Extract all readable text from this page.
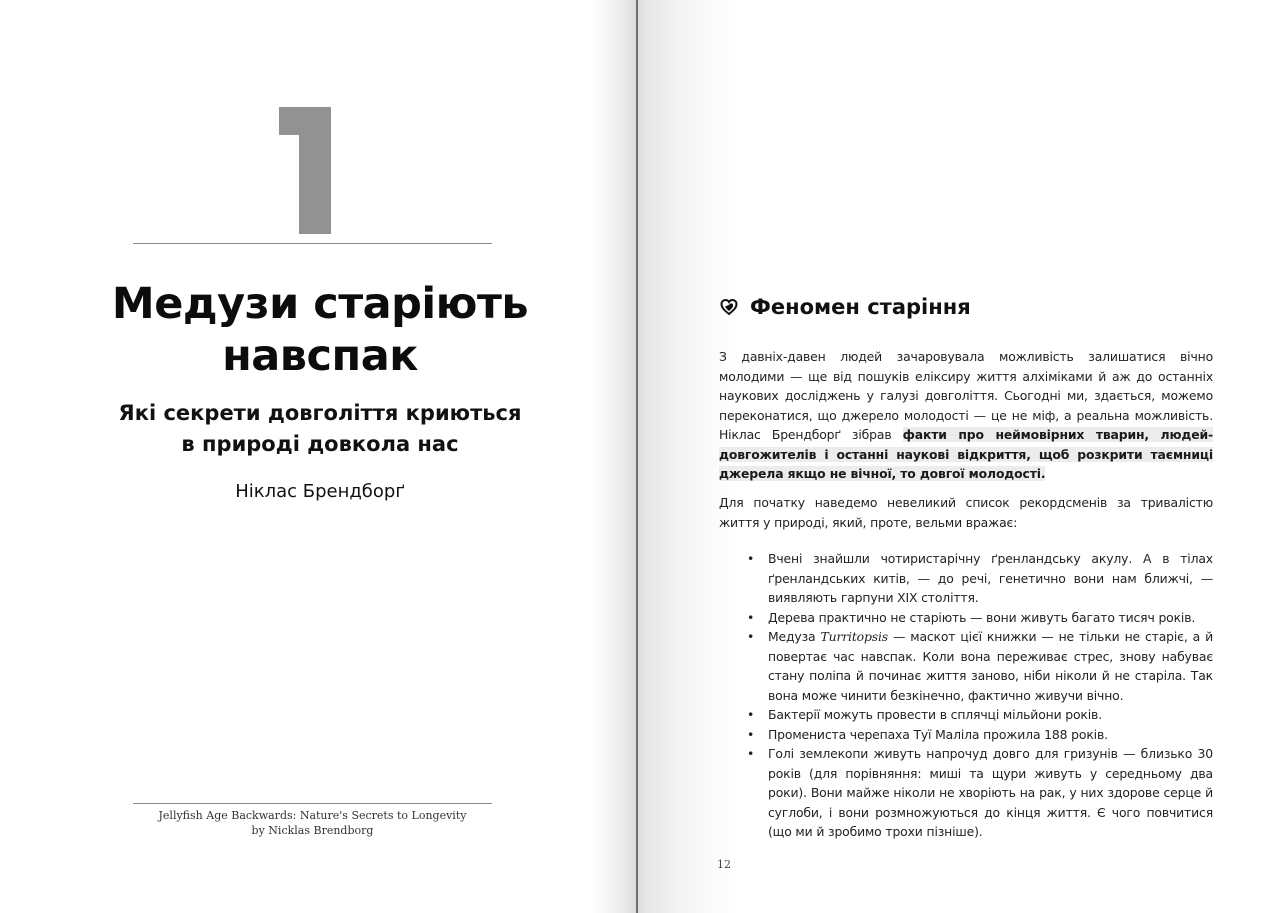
Медузи старіють
навспак
Які секрети довголіття криються
в природі довкола нас
Ніклас Брендборґ
Jellyfish Age Backwards: Nature's Secrets to Longevity
by Nicklas Brendborg
Феномен старіння

З давніх-давен людей зачаровувала можливість залишатися вічно молодими — ще від пошуків еліксиру життя алхіміками й аж до останніх наукових досліджень у галузі довголіття. Сьогодні ми, здається, можемо переконатися, що джерело молодості — це не міф, а реальна можливість. Ніклас Брендборґ зібрав факти про неймовірних тварин, людей-довгожителів і останні наукові відкриття, щоб розкрити таємниці джерела якщо не вічної, то довгої молодості.

Для початку наведемо невеликий список рекордсменів за тривалістю життя у природі, який, проте, вельми вражає:

• Вчені знайшли чотиристарічну ґренландську акулу. А в тілах ґренландських китів, — до речі, генетично вони нам ближчі, — виявляють гарпуни XIX століття.
• Дерева практично не старіють — вони живуть багато тисяч років.
• Медуза Turritopsis — маскот цієї книжки — не тільки не старіє, а й повертає час навспак. Коли вона переживає стрес, знову набуває стану поліпа й починає життя заново, ніби ніколи й не старіла. Так вона може чинити безкінечно, фактично живучи вічно.
• Бактерії можуть провести в сплячці мільйони років.
• Промениста черепаха Туї Маліла прожила 188 років.
• Голі землекопи живуть напрочуд довго для гризунів — близько 30 років (для порівняння: миші та щури живуть у середньому два роки). Вони майже ніколи не хворіють на рак, у них здорове серце й суглоби, і вони розмножуються до кінця життя. Є чого повчитися (що ми й зробимо трохи пізніше).
12
